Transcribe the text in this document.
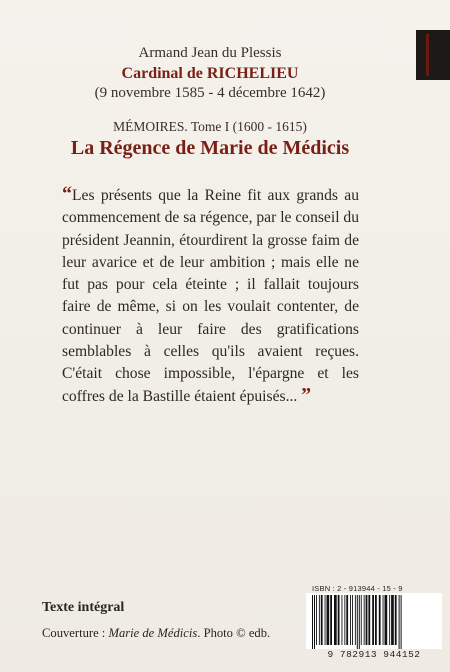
Armand Jean du Plessis
Cardinal de RICHELIEU
(9 novembre 1585 - 4 décembre 1642)
MÉMOIRES. Tome I (1600 - 1615)
La Régence de Marie de Médicis
“Les présents que la Reine fit aux grands au commencement de sa régence, par le conseil du président Jeannin, étourdirent la grosse faim de leur avarice et de leur ambition ; mais elle ne fut pas pour cela éteinte ; il fallait toujours faire de même, si on les voulait contenter, de continuer à leur faire des gratifications semblables à celles qu'ils avaient reçues. C'était chose impossible, l'épargne et les coffres de la Bastille étaient épuisés... ”
Texte intégral
Couverture : Marie de Médicis. Photo © edb.
ISBN : 2 - 913944 - 15 - 9
9 782913 944152
